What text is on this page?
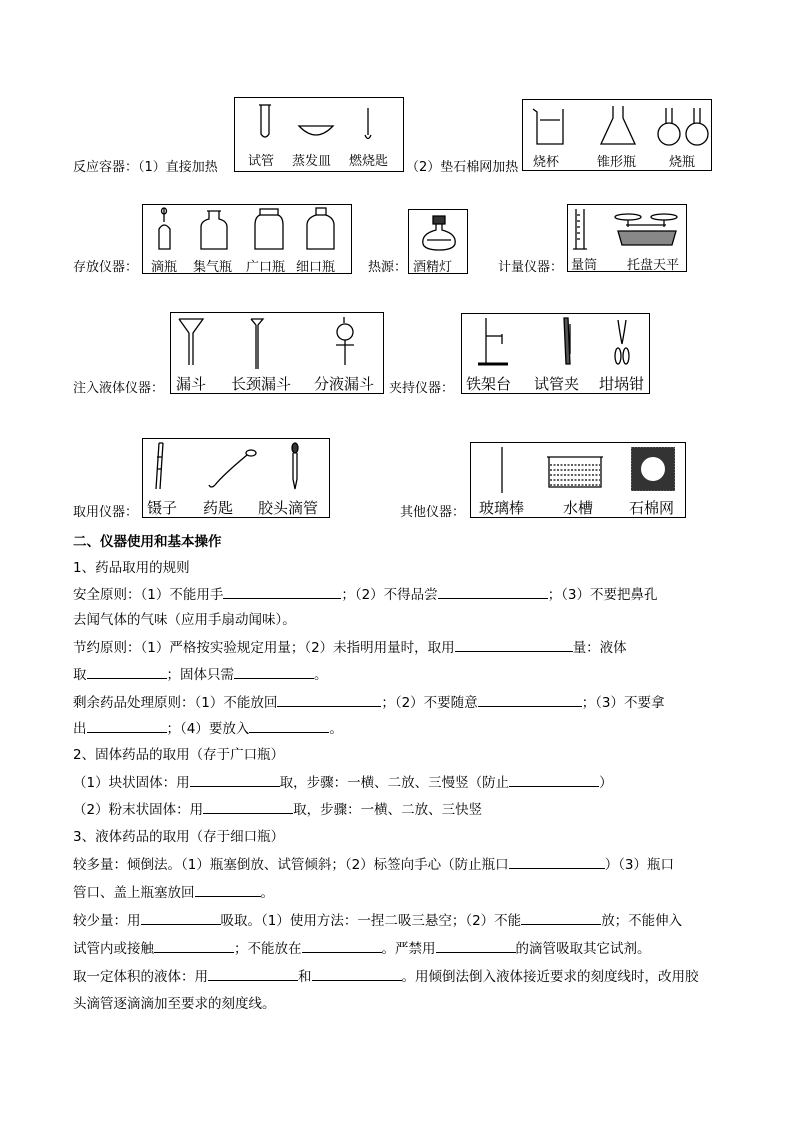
反应容器：（1）直接加热 试管 蒸发皿 燃烧匙 （2）垫石棉网加热 烧杯	锥形瓶	烧瓶
存放仪器： 滴瓶 集气瓶 广口瓶 细口瓶	热源： 酒精灯	计量仪器： 量筒 托盘天平
注入液体仪器： 漏斗 长颈漏斗 分液漏斗 夹持仪器： 铁架台 试管夹 坩埚钳
取用仪器： 镊子 药匙 胶头滴管	其他仪器： 玻璃棒	水槽 石棉网
二、仪器使用和基本操作
1、药品取用的规则
安全原则：（1）不能用手	；（2）不得品尝	；（3）不要把鼻孔
去闻气体的气味（应用手扇动闻味）。
节约原则：（1）严格按实验规定用量；（2）未指明用量时，取用	量：液体
取	；固体只需	。
剩余药品处理原则：（1）不能放回	；（2）不要随意	；（3）不要拿
出	；（4）要放入	。
2、固体药品的取用（存于广口瓶）
（1）块状固体：用	取，步骤：一横、二放、三慢竖（防止	）
（2）粉末状固体：用	取，步骤：一横、二放、三快竖
3、液体药品的取用（存于细口瓶）
较多量：倾倒法。（1）瓶塞倒放、试管倾斜；（2）标签向手心（防止瓶口	）（3）瓶口
管口、盖上瓶塞放回	。
较少量：用	吸取。（1）使用方法：一捏二吸三悬空；（2）不能	放；不能伸入
试管内或接触	；不能放在	。严禁用	的滴管吸取其它试剂。
取一定体积的液体：用	和	。用倾倒法倒入液体接近要求的刻度线时，改用胶
头滴管逐滴滴加至要求的刻度线。
